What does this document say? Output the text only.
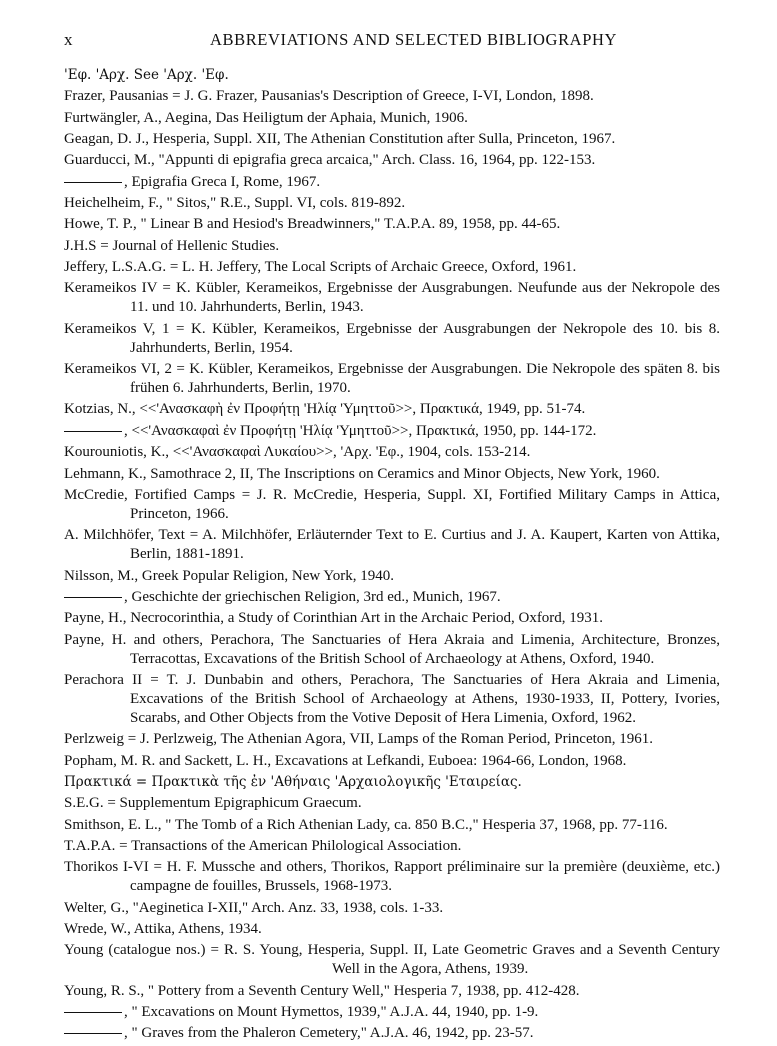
x	ABBREVIATIONS AND SELECTED BIBLIOGRAPHY
'Εφ. 'Αρχ. See 'Αρχ. 'Εφ.
Frazer, Pausanias = J. G. Frazer, Pausanias's Description of Greece, I-VI, London, 1898.
Furtwängler, A., Aegina, Das Heiligtum der Aphaia, Munich, 1906.
Geagan, D. J., Hesperia, Suppl. XII, The Athenian Constitution after Sulla, Princeton, 1967.
Guarducci, M., "Appunti di epigrafia greca arcaica," Arch. Class. 16, 1964, pp. 122-153.
, Epigrafia Greca I, Rome, 1967.
Heichelheim, F., " Sitos," R.E., Suppl. VI, cols. 819-892.
Howe, T. P., " Linear B and Hesiod's Breadwinners," T.A.P.A. 89, 1958, pp. 44-65.
J.H.S = Journal of Hellenic Studies.
Jeffery, L.S.A.G. = L. H. Jeffery, The Local Scripts of Archaic Greece, Oxford, 1961.
Kerameikos IV = K. Kübler, Kerameikos, Ergebnisse der Ausgrabungen. Neufunde aus der Nekropole des 11. und 10. Jahrhunderts, Berlin, 1943.
Kerameikos V, 1 = K. Kübler, Kerameikos, Ergebnisse der Ausgrabungen der Nekropole des 10. bis 8. Jahrhunderts, Berlin, 1954.
Kerameikos VI, 2 = K. Kübler, Kerameikos, Ergebnisse der Ausgrabungen. Die Nekropole des späten 8. bis frühen 6. Jahrhunderts, Berlin, 1970.
Kotzias, N., <<'Ανασκαφὴ ἐν Προφήτῃ 'Ηλίᾳ 'Υμηττοῦ>>, Πρακτικά, 1949, pp. 51-74.
, <<'Ανασκαφαὶ ἐν Προφήτῃ 'Ηλίᾳ 'Υμηττοῦ>>, Πρακτικά, 1950, pp. 144-172.
Kourouniotis, K., <<'Ανασκαφαὶ Λυκαίου>>, 'Αρχ. 'Εφ., 1904, cols. 153-214.
Lehmann, K., Samothrace 2, II, The Inscriptions on Ceramics and Minor Objects, New York, 1960.
McCredie, Fortified Camps = J. R. McCredie, Hesperia, Suppl. XI, Fortified Military Camps in Attica, Princeton, 1966.
A. Milchhöfer, Text = A. Milchhöfer, Erläuternder Text to E. Curtius and J. A. Kaupert, Karten von Attika, Berlin, 1881-1891.
Nilsson, M., Greek Popular Religion, New York, 1940.
, Geschichte der griechischen Religion, 3rd ed., Munich, 1967.
Payne, H., Necrocorinthia, a Study of Corinthian Art in the Archaic Period, Oxford, 1931.
Payne, H. and others, Perachora, The Sanctuaries of Hera Akraia and Limenia, Architecture, Bronzes, Terracottas, Excavations of the British School of Archaeology at Athens, Oxford, 1940.
Perachora II = T. J. Dunbabin and others, Perachora, The Sanctuaries of Hera Akraia and Limenia, Excavations of the British School of Archaeology at Athens, 1930-1933, II, Pottery, Ivories, Scarabs, and Other Objects from the Votive Deposit of Hera Limenia, Oxford, 1962.
Perlzweig = J. Perlzweig, The Athenian Agora, VII, Lamps of the Roman Period, Princeton, 1961.
Popham, M. R. and Sackett, L. H., Excavations at Lefkandi, Euboea: 1964-66, London, 1968.
Πρακτικά = Πρακτικὰ τῆς ἐν 'Αθήναις 'Αρχαιολογικῆς 'Εταιρείας.
S.E.G. = Supplementum Epigraphicum Graecum.
Smithson, E. L., " The Tomb of a Rich Athenian Lady, ca. 850 B.C.," Hesperia 37, 1968, pp. 77-116.
T.A.P.A. = Transactions of the American Philological Association.
Thorikos I-VI = H. F. Mussche and others, Thorikos, Rapport préliminaire sur la première (deuxième, etc.) campagne de fouilles, Brussels, 1968-1973.
Welter, G., "Aeginetica I-XII," Arch. Anz. 33, 1938, cols. 1-33.
Wrede, W., Attika, Athens, 1934.
Young (catalogue nos.) = R. S. Young, Hesperia, Suppl. II, Late Geometric Graves and a Seventh Century Well in the Agora, Athens, 1939.
Young, R. S., " Pottery from a Seventh Century Well," Hesperia 7, 1938, pp. 412-428.
, " Excavations on Mount Hymettos, 1939," A.J.A. 44, 1940, pp. 1-9.
, " Graves from the Phaleron Cemetery," A.J.A. 46, 1942, pp. 23-57.
